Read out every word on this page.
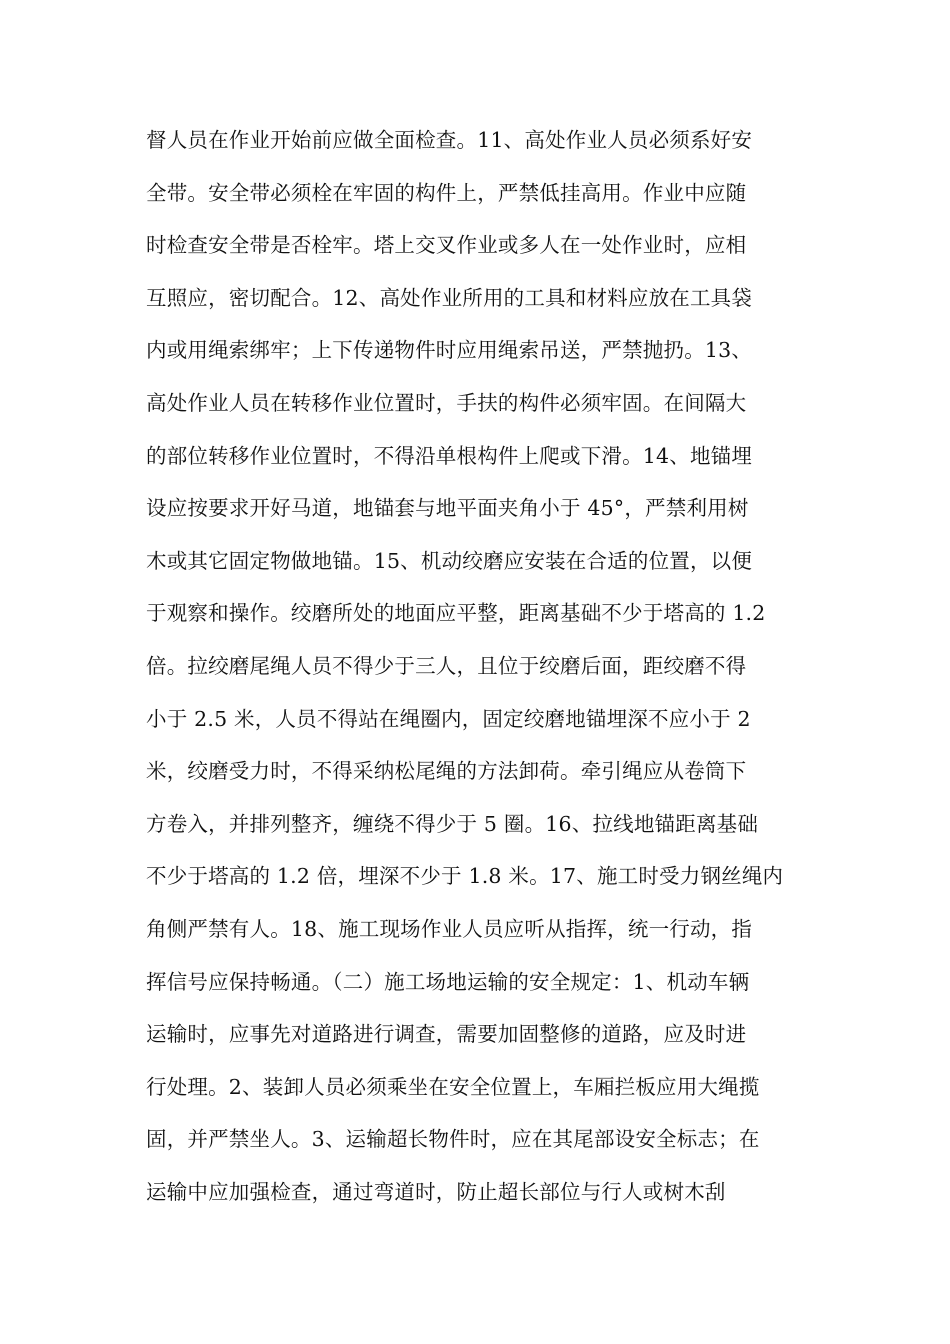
督人员在作业开始前应做全面检查。11、高处作业人员必须系好安
全带。安全带必须栓在牢固的构件上，严禁低挂高用。作业中应随
时检查安全带是否栓牢。塔上交叉作业或多人在一处作业时，应相
互照应，密切配合。12、高处作业所用的工具和材料应放在工具袋
内或用绳索绑牢；上下传递物件时应用绳索吊送，严禁抛扔。13、
高处作业人员在转移作业位置时，手扶的构件必须牢固。在间隔大
的部位转移作业位置时，不得沿单根构件上爬或下滑。14、地锚埋
设应按要求开好马道，地锚套与地平面夹角小于 45°，严禁利用树
木或其它固定物做地锚。15、机动绞磨应安装在合适的位置，以便
于观察和操作。绞磨所处的地面应平整，距离基础不少于塔高的 1.2
倍。拉绞磨尾绳人员不得少于三人，且位于绞磨后面，距绞磨不得
小于 2.5 米，人员不得站在绳圈内，固定绞磨地锚埋深不应小于 2
米，绞磨受力时，不得采纳松尾绳的方法卸荷。牵引绳应从卷筒下
方卷入，并排列整齐，缠绕不得少于 5 圈。16、拉线地锚距离基础
不少于塔高的 1.2 倍，埋深不少于 1.8 米。17、施工时受力钢丝绳内
角侧严禁有人。18、施工现场作业人员应听从指挥，统一行动，指
挥信号应保持畅通。（二）施工场地运输的安全规定：1、机动车辆
运输时，应事先对道路进行调查，需要加固整修的道路，应及时进
行处理。2、装卸人员必须乘坐在安全位置上，车厢拦板应用大绳揽
固，并严禁坐人。3、运输超长物件时，应在其尾部设安全标志；在
运输中应加强检查，通过弯道时，防止超长部位与行人或树木刮
